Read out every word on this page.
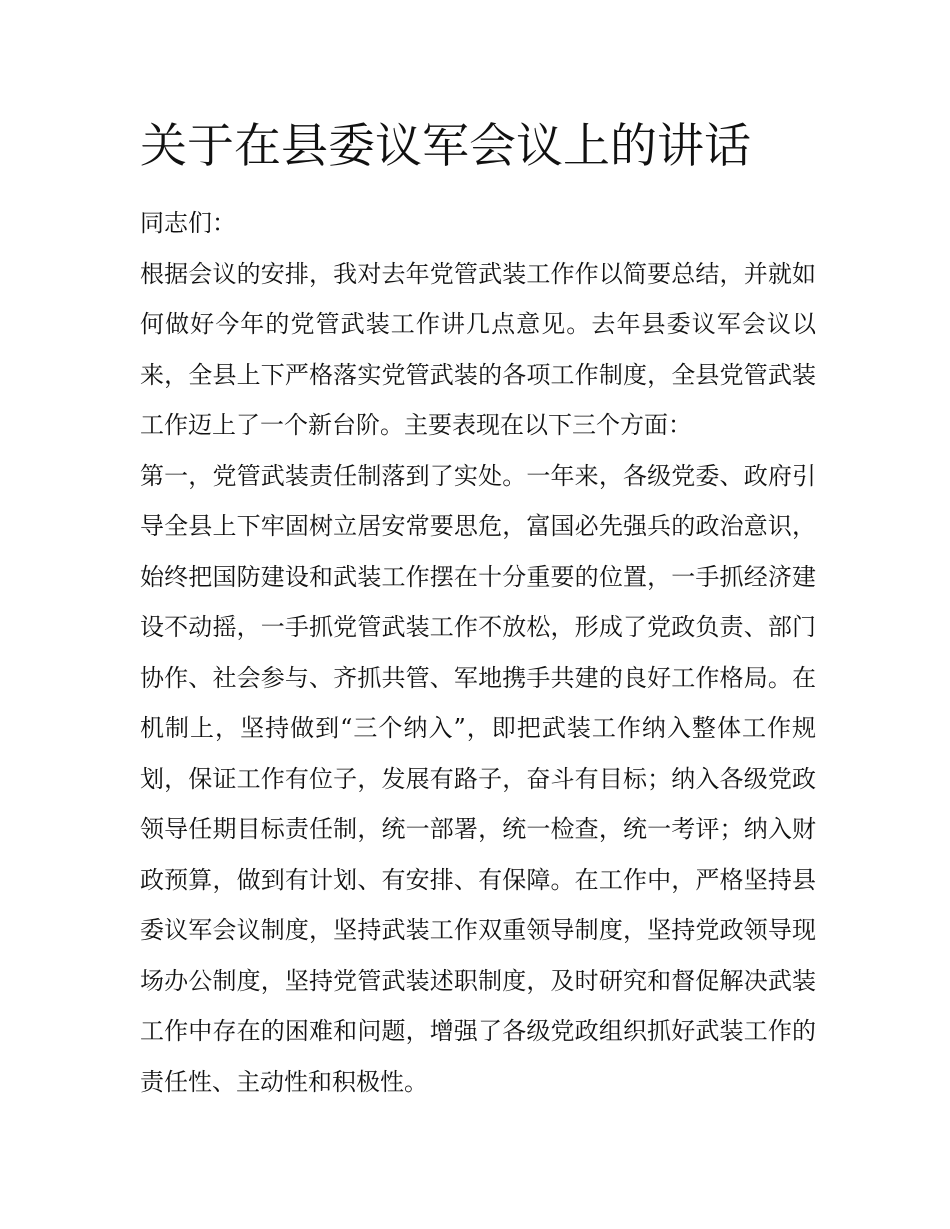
关于在县委议军会议上的讲话

同志们：

根据会议的安排，我对去年党管武装工作作以简要总结，并就如何做好今年的党管武装工作讲几点意见。去年县委议军会议以来，全县上下严格落实党管武装的各项工作制度，全县党管武装工作迈上了一个新台阶。主要表现在以下三个方面：

第一，党管武装责任制落到了实处。一年来，各级党委、政府引导全县上下牢固树立居安常要思危，富国必先强兵的政治意识，始终把国防建设和武装工作摆在十分重要的位置，一手抓经济建设不动摇，一手抓党管武装工作不放松，形成了党政负责、部门协作、社会参与、齐抓共管、军地携手共建的良好工作格局。在机制上，坚持做到“三个纳入”，即把武装工作纳入整体工作规划，保证工作有位子，发展有路子，奋斗有目标；纳入各级党政领导任期目标责任制，统一部署，统一检查，统一考评；纳入财政预算，做到有计划、有安排、有保障。在工作中，严格坚持县委议军会议制度，坚持武装工作双重领导制度，坚持党政领导现场办公制度，坚持党管武装述职制度，及时研究和督促解决武装工作中存在的困难和问题，增强了各级党政组织抓好武装工作的责任性、主动性和积极性。
